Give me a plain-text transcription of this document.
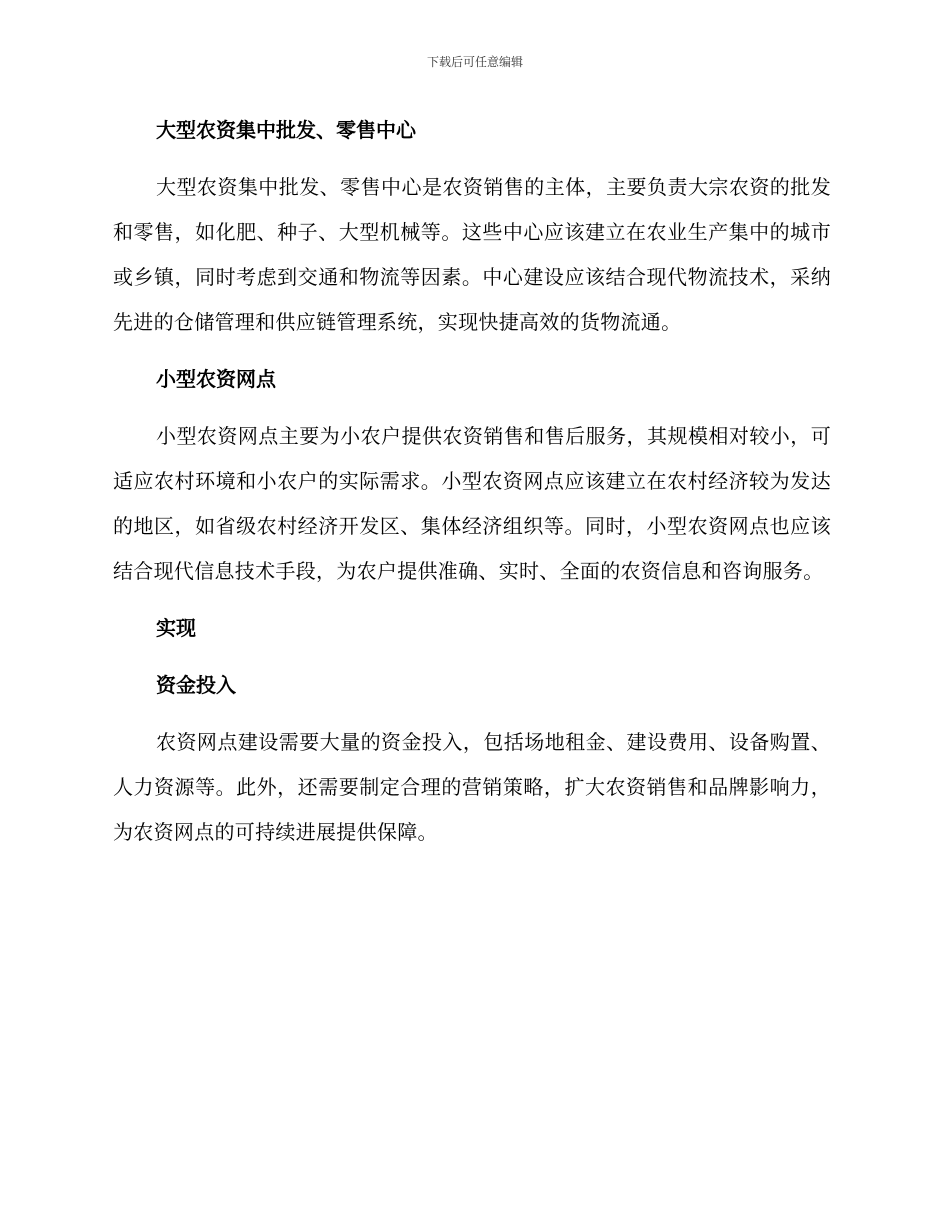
下载后可任意编辑
大型农资集中批发、零售中心

大型农资集中批发、零售中心是农资销售的主体，主要负责大宗农资的批发和零售，如化肥、种子、大型机械等。这些中心应该建立在农业生产集中的城市或乡镇，同时考虑到交通和物流等因素。中心建设应该结合现代物流技术，采纳先进的仓储管理和供应链管理系统，实现快捷高效的货物流通。

小型农资网点

小型农资网点主要为小农户提供农资销售和售后服务，其规模相对较小，可适应农村环境和小农户的实际需求。小型农资网点应该建立在农村经济较为发达的地区，如省级农村经济开发区、集体经济组织等。同时，小型农资网点也应该结合现代信息技术手段，为农户提供准确、实时、全面的农资信息和咨询服务。

实现
资金投入

农资网点建设需要大量的资金投入，包括场地租金、建设费用、设备购置、人力资源等。此外，还需要制定合理的营销策略，扩大农资销售和品牌影响力，为农资网点的可持续进展提供保障。
